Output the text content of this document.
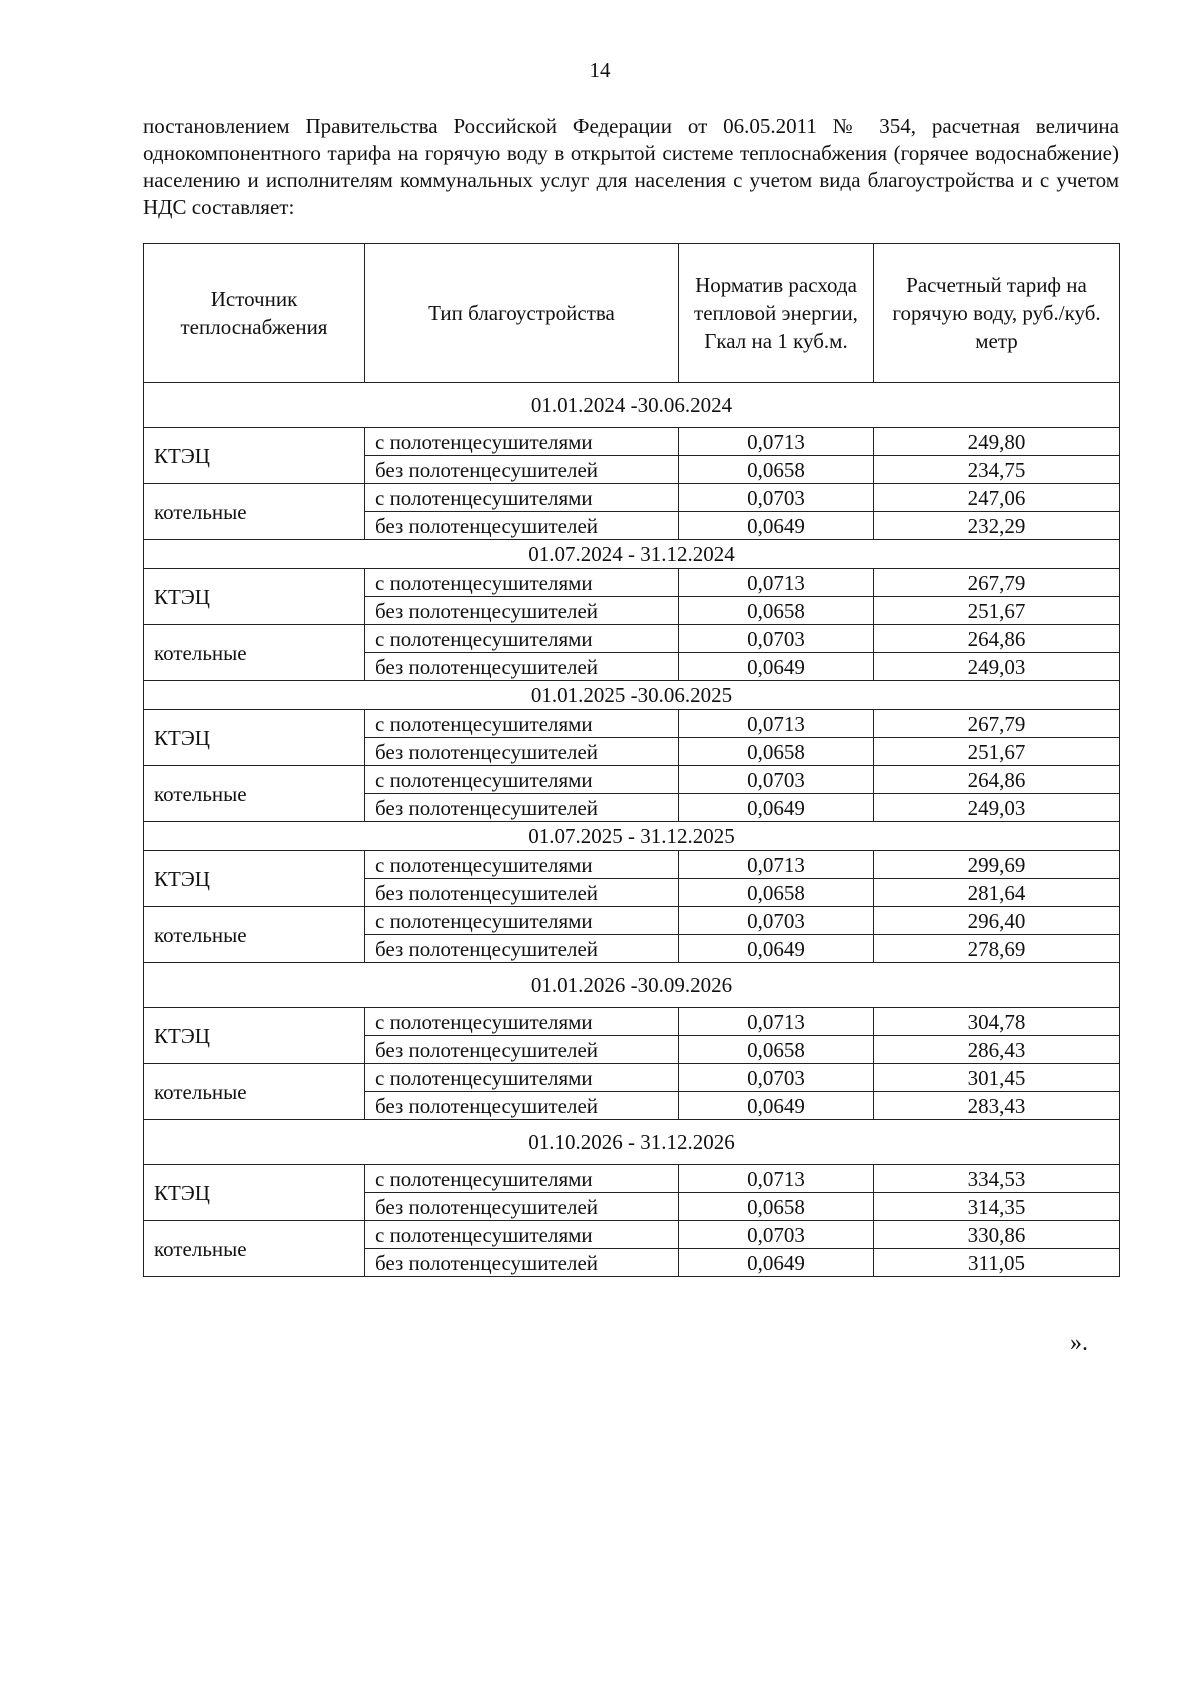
14

постановлением Правительства Российской Федерации от 06.05.2011 № 354, расчетная величина однокомпонентного тарифа на горячую воду в открытой системе теплоснабжения (горячее водоснабжение) населению и исполнителям коммунальных услуг для населения с учетом вида благоустройства и с учетом НДС составляет:

Источник теплоснабжения	Тип благоустройства	Норматив расхода тепловой энергии, Гкал на 1 куб.м.	Расчетный тариф на горячую воду, руб./куб. метр
01.01.2024 -30.06.2024			
КТЭЦ	с полотенцесушителями	0,0713	249,80
	без полотенцесушителей	0,0658	234,75
котельные	с полотенцесушителями	0,0703	247,06
	без полотенцесушителей	0,0649	232,29
01.07.2024 - 31.12.2024			
КТЭЦ	с полотенцесушителями	0,0713	267,79
	без полотенцесушителей	0,0658	251,67
котельные	с полотенцесушителями	0,0703	264,86
	без полотенцесушителей	0,0649	249,03
01.01.2025 -30.06.2025			
КТЭЦ	с полотенцесушителями	0,0713	267,79
	без полотенцесушителей	0,0658	251,67
котельные	с полотенцесушителями	0,0703	264,86
	без полотенцесушителей	0,0649	249,03
01.07.2025 - 31.12.2025			
КТЭЦ	с полотенцесушителями	0,0713	299,69
	без полотенцесушителей	0,0658	281,64
котельные	с полотенцесушителями	0,0703	296,40
	без полотенцесушителей	0,0649	278,69
01.01.2026 -30.09.2026			
КТЭЦ	с полотенцесушителями	0,0713	304,78
	без полотенцесушителей	0,0658	286,43
котельные	с полотенцесушителями	0,0703	301,45
	без полотенцесушителей	0,0649	283,43
01.10.2026 - 31.12.2026			
КТЭЦ	с полотенцесушителями	0,0713	334,53
	без полотенцесушителей	0,0658	314,35
котельные	с полотенцесушителями	0,0703	330,86
	без полотенцесушителей	0,0649	311,05
».
